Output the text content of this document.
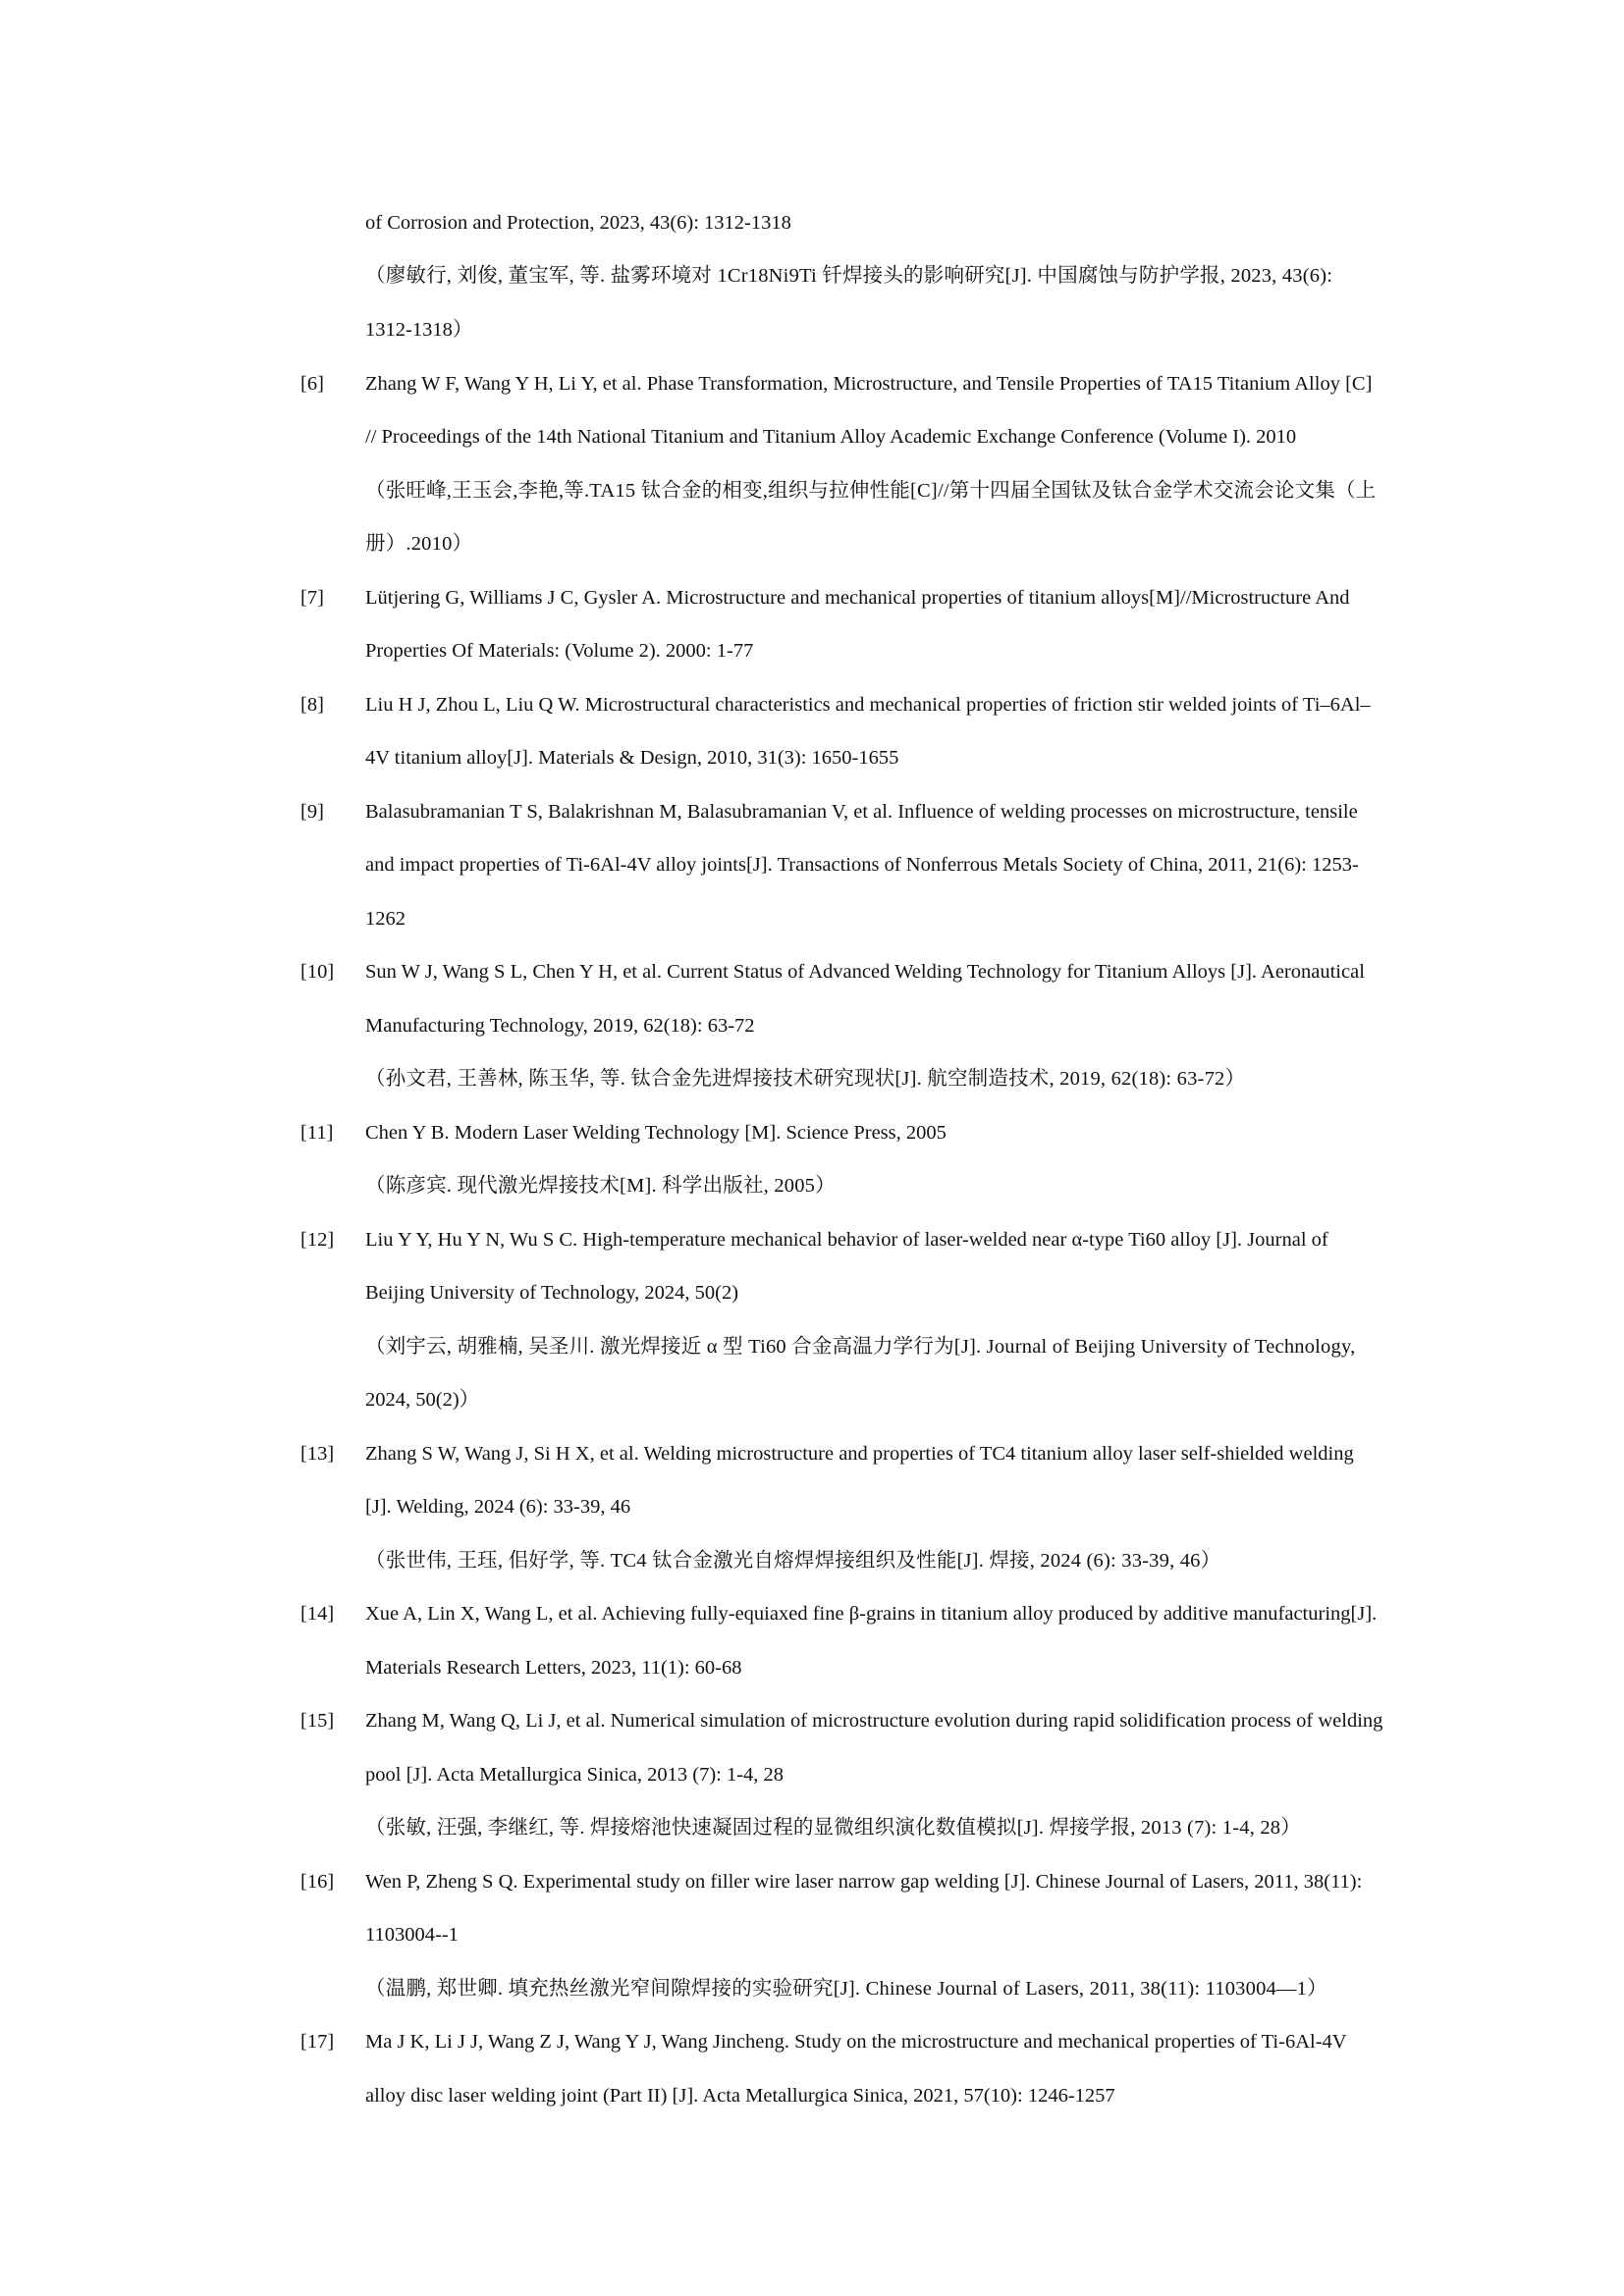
of Corrosion and Protection, 2023, 43(6): 1312-1318
（廖敏行, 刘俊, 董宝军, 等. 盐雾环境对 1Cr18Ni9Ti 钎焊接头的影响研究[J]. 中国腐蚀与防护学报, 2023, 43(6):
1312-1318）
[6] Zhang W F, Wang Y H, Li Y, et al. Phase Transformation, Microstructure, and Tensile Properties of TA15 Titanium Alloy [C]
// Proceedings of the 14th National Titanium and Titanium Alloy Academic Exchange Conference (Volume I). 2010
（张旺峰,王玉会,李艳,等.TA15 钛合金的相变,组织与拉伸性能[C]//第十四届全国钛及钛合金学术交流会论文集（上
册）.2010）
[7] Lütjering G, Williams J C, Gysler A. Microstructure and mechanical properties of titanium alloys[M]//Microstructure And
Properties Of Materials: (Volume 2). 2000: 1-77
[8] Liu H J, Zhou L, Liu Q W. Microstructural characteristics and mechanical properties of friction stir welded joints of Ti–6Al–
4V titanium alloy[J]. Materials & Design, 2010, 31(3): 1650-1655
[9] Balasubramanian T S, Balakrishnan M, Balasubramanian V, et al. Influence of welding processes on microstructure, tensile
and impact properties of Ti-6Al-4V alloy joints[J]. Transactions of Nonferrous Metals Society of China, 2011, 21(6): 1253-
1262
[10] Sun W J, Wang S L, Chen Y H, et al. Current Status of Advanced Welding Technology for Titanium Alloys [J]. Aeronautical
Manufacturing Technology, 2019, 62(18): 63-72
（孙文君, 王善林, 陈玉华, 等. 钛合金先进焊接技术研究现状[J]. 航空制造技术, 2019, 62(18): 63-72）
[11] Chen Y B. Modern Laser Welding Technology [M]. Science Press, 2005
（陈彦宾. 现代激光焊接技术[M]. 科学出版社, 2005）
[12] Liu Y Y, Hu Y N, Wu S C. High-temperature mechanical behavior of laser-welded near α-type Ti60 alloy [J]. Journal of
Beijing University of Technology, 2024, 50(2)
（刘宇云, 胡雅楠, 吴圣川. 激光焊接近 α 型 Ti60 合金高温力学行为[J]. Journal of Beijing University of Technology,
2024, 50(2)）
[13] Zhang S W, Wang J, Si H X, et al. Welding microstructure and properties of TC4 titanium alloy laser self-shielded welding
[J]. Welding, 2024 (6): 33-39, 46
（张世伟, 王珏, 佀好学, 等. TC4 钛合金激光自熔焊焊接组织及性能[J]. 焊接, 2024 (6): 33-39, 46）
[14] Xue A, Lin X, Wang L, et al. Achieving fully-equiaxed fine β-grains in titanium alloy produced by additive manufacturing[J].
Materials Research Letters, 2023, 11(1): 60-68
[15] Zhang M, Wang Q, Li J, et al. Numerical simulation of microstructure evolution during rapid solidification process of welding
pool [J]. Acta Metallurgica Sinica, 2013 (7): 1-4, 28
（张敏, 汪强, 李继红, 等. 焊接熔池快速凝固过程的显微组织演化数值模拟[J]. 焊接学报, 2013 (7): 1-4, 28）
[16] Wen P, Zheng S Q. Experimental study on filler wire laser narrow gap welding [J]. Chinese Journal of Lasers, 2011, 38(11):
1103004--1
（温鹏, 郑世卿. 填充热丝激光窄间隙焊接的实验研究[J]. Chinese Journal of Lasers, 2011, 38(11): 1103004—1）
[17] Ma J K, Li J J, Wang Z J, Wang Y J, Wang Jincheng. Study on the microstructure and mechanical properties of Ti-6Al-4V
alloy disc laser welding joint (Part II) [J]. Acta Metallurgica Sinica, 2021, 57(10): 1246-1257
